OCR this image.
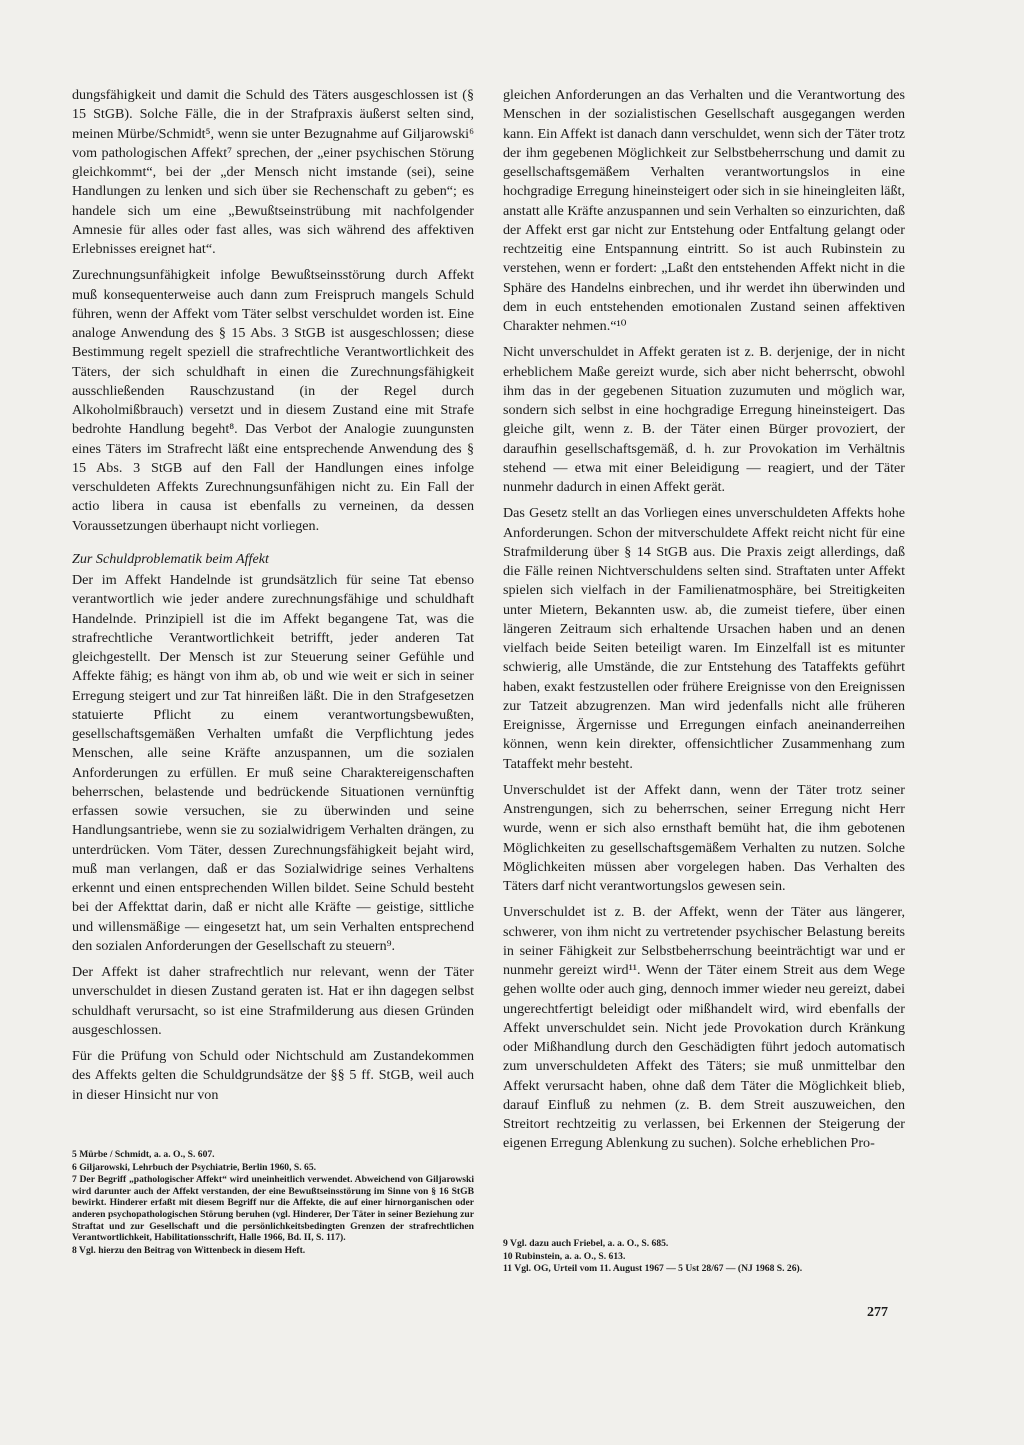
dungsfähigkeit und damit die Schuld des Täters ausgeschlossen ist (§ 15 StGB). Solche Fälle, die in der Strafpraxis äußerst selten sind, meinen Mürbe/Schmidt⁵, wenn sie unter Bezugnahme auf Giljarowski⁶ vom pathologischen Affekt⁷ sprechen, der „einer psychischen Störung gleichkommt“, bei der „der Mensch nicht imstande (sei), seine Handlungen zu lenken und sich über sie Rechenschaft zu geben“; es handele sich um eine „Bewußtseinstrübung mit nachfolgender Amnesie für alles oder fast alles, was sich während des affektiven Erlebnisses ereignet hat“.

Zurechnungsunfähigkeit infolge Bewußtseinsstörung durch Affekt muß konsequenterweise auch dann zum Freispruch mangels Schuld führen, wenn der Affekt vom Täter selbst verschuldet worden ist. Eine analoge Anwendung des § 15 Abs. 3 StGB ist ausgeschlossen; diese Bestimmung regelt speziell die strafrechtliche Verantwortlichkeit des Täters, der sich schuldhaft in einen die Zurechnungsfähigkeit ausschließenden Rauschzustand (in der Regel durch Alkoholmißbrauch) versetzt und in diesem Zustand eine mit Strafe bedrohte Handlung begeht⁸. Das Verbot der Analogie zuungunsten eines Täters im Strafrecht läßt eine entsprechende Anwendung des § 15 Abs. 3 StGB auf den Fall der Handlungen eines infolge verschuldeten Affekts Zurechnungsunfähigen nicht zu. Ein Fall der actio libera in causa ist ebenfalls zu verneinen, da dessen Voraussetzungen überhaupt nicht vorliegen.

Zur Schuldproblematik beim Affekt

Der im Affekt Handelnde ist grundsätzlich für seine Tat ebenso verantwortlich wie jeder andere zurechnungsfähige und schuldhaft Handelnde. Prinzipiell ist die im Affekt begangene Tat, was die strafrechtliche Verantwortlichkeit betrifft, jeder anderen Tat gleichgestellt. Der Mensch ist zur Steuerung seiner Gefühle und Affekte fähig; es hängt von ihm ab, ob und wie weit er sich in seiner Erregung steigert und zur Tat hinreißen läßt. Die in den Strafgesetzen statuierte Pflicht zu einem verantwortungsbewußten, gesellschaftsgemäßen Verhalten umfaßt die Verpflichtung jedes Menschen, alle seine Kräfte anzuspannen, um die sozialen Anforderungen zu erfüllen. Er muß seine Charaktereigenschaften beherrschen, belastende und bedrückende Situationen vernünftig erfassen sowie versuchen, sie zu überwinden und seine Handlungsantriebe, wenn sie zu sozialwidrigem Verhalten drängen, zu unterdrücken. Vom Täter, dessen Zurechnungsfähigkeit bejaht wird, muß man verlangen, daß er das Sozialwidrige seines Verhaltens erkennt und einen entsprechenden Willen bildet. Seine Schuld besteht bei der Affekttat darin, daß er nicht alle Kräfte — geistige, sittliche und willensmäßige — eingesetzt hat, um sein Verhalten entsprechend den sozialen Anforderungen der Gesellschaft zu steuern⁹.

Der Affekt ist daher strafrechtlich nur relevant, wenn der Täter unverschuldet in diesen Zustand geraten ist. Hat er ihn dagegen selbst schuldhaft verursacht, so ist eine Strafmilderung aus diesen Gründen ausgeschlossen.

Für die Prüfung von Schuld oder Nichtschuld am Zustandekommen des Affekts gelten die Schuldgrundsätze der §§ 5 ff. StGB, weil auch in dieser Hinsicht nur von

5 Mürbe / Schmidt, a. a. O., S. 607.

6 Giljarowski, Lehrbuch der Psychiatrie, Berlin 1960, S. 65.

7 Der Begriff „pathologischer Affekt“ wird uneinheitlich verwendet. Abweichend von Giljarowski wird darunter auch der Affekt verstanden, der eine Bewußtseinsstörung im Sinne von § 16 StGB bewirkt. Hinderer erfaßt mit diesem Begriff nur die Affekte, die auf einer hirnorganischen oder anderen psychopathologischen Störung beruhen (vgl. Hinderer, Der Täter in seiner Beziehung zur Straftat und zur Gesellschaft und die persönlichkeitsbedingten Grenzen der strafrechtlichen Verantwortlichkeit, Habilitationsschrift, Halle 1966, Bd. II, S. 117).

8 Vgl. hierzu den Beitrag von Wittenbeck in diesem Heft.

gleichen Anforderungen an das Verhalten und die Verantwortung des Menschen in der sozialistischen Gesellschaft ausgegangen werden kann. Ein Affekt ist danach dann verschuldet, wenn sich der Täter trotz der ihm gegebenen Möglichkeit zur Selbstbeherrschung und damit zu gesellschaftsgemäßem Verhalten verantwortungslos in eine hochgradige Erregung hineinsteigert oder sich in sie hineingleiten läßt, anstatt alle Kräfte anzuspannen und sein Verhalten so einzurichten, daß der Affekt erst gar nicht zur Entstehung oder Entfaltung gelangt oder rechtzeitig eine Entspannung eintritt. So ist auch Rubinstein zu verstehen, wenn er fordert: „Laßt den entstehenden Affekt nicht in die Sphäre des Handelns einbrechen, und ihr werdet ihn überwinden und dem in euch entstehenden emotionalen Zustand seinen affektiven Charakter nehmen.“¹⁰

Nicht unverschuldet in Affekt geraten ist z. B. derjenige, der in nicht erheblichem Maße gereizt wurde, sich aber nicht beherrscht, obwohl ihm das in der gegebenen Situation zuzumuten und möglich war, sondern sich selbst in eine hochgradige Erregung hineinsteigert. Das gleiche gilt, wenn z. B. der Täter einen Bürger provoziert, der daraufhin gesellschaftsgemäß, d. h. zur Provokation im Verhältnis stehend — etwa mit einer Beleidigung — reagiert, und der Täter nunmehr dadurch in einen Affekt gerät.

Das Gesetz stellt an das Vorliegen eines unverschuldeten Affekts hohe Anforderungen. Schon der mitverschuldete Affekt reicht nicht für eine Strafmilderung über § 14 StGB aus. Die Praxis zeigt allerdings, daß die Fälle reinen Nichtverschuldens selten sind. Straftaten unter Affekt spielen sich vielfach in der Familienatmosphäre, bei Streitigkeiten unter Mietern, Bekannten usw. ab, die zumeist tiefere, über einen längeren Zeitraum sich erhaltende Ursachen haben und an denen vielfach beide Seiten beteiligt waren. Im Einzelfall ist es mitunter schwierig, alle Umstände, die zur Entstehung des Tataffekts geführt haben, exakt festzustellen oder frühere Ereignisse von den Ereignissen zur Tatzeit abzugrenzen. Man wird jedenfalls nicht alle früheren Ereignisse, Ärgernisse und Erregungen einfach aneinanderreihen können, wenn kein direkter, offensichtlicher Zusammenhang zum Tataffekt mehr besteht.

Unverschuldet ist der Affekt dann, wenn der Täter trotz seiner Anstrengungen, sich zu beherrschen, seiner Erregung nicht Herr wurde, wenn er sich also ernsthaft bemüht hat, die ihm gebotenen Möglichkeiten zu gesellschaftsgemäßem Verhalten zu nutzen. Solche Möglichkeiten müssen aber vorgelegen haben. Das Verhalten des Täters darf nicht verantwortungslos gewesen sein.

Unverschuldet ist z. B. der Affekt, wenn der Täter aus längerer, schwerer, von ihm nicht zu vertretender psychischer Belastung bereits in seiner Fähigkeit zur Selbstbeherrschung beeinträchtigt war und er nunmehr gereizt wird¹¹. Wenn der Täter einem Streit aus dem Wege gehen wollte oder auch ging, dennoch immer wieder neu gereizt, dabei ungerechtfertigt beleidigt oder mißhandelt wird, wird ebenfalls der Affekt unverschuldet sein. Nicht jede Provokation durch Kränkung oder Mißhandlung durch den Geschädigten führt jedoch automatisch zum unverschuldeten Affekt des Täters; sie muß unmittelbar den Affekt verursacht haben, ohne daß dem Täter die Möglichkeit blieb, darauf Einfluß zu nehmen (z. B. dem Streit auszuweichen, den Streitort rechtzeitig zu verlassen, bei Erkennen der Steigerung der eigenen Erregung Ablenkung zu suchen). Solche erheblichen Pro-

9 Vgl. dazu auch Friebel, a. a. O., S. 685.

10 Rubinstein, a. a. O., S. 613.

11 Vgl. OG, Urteil vom 11. August 1967 — 5 Ust 28/67 — (NJ 1968 S. 26).

277
